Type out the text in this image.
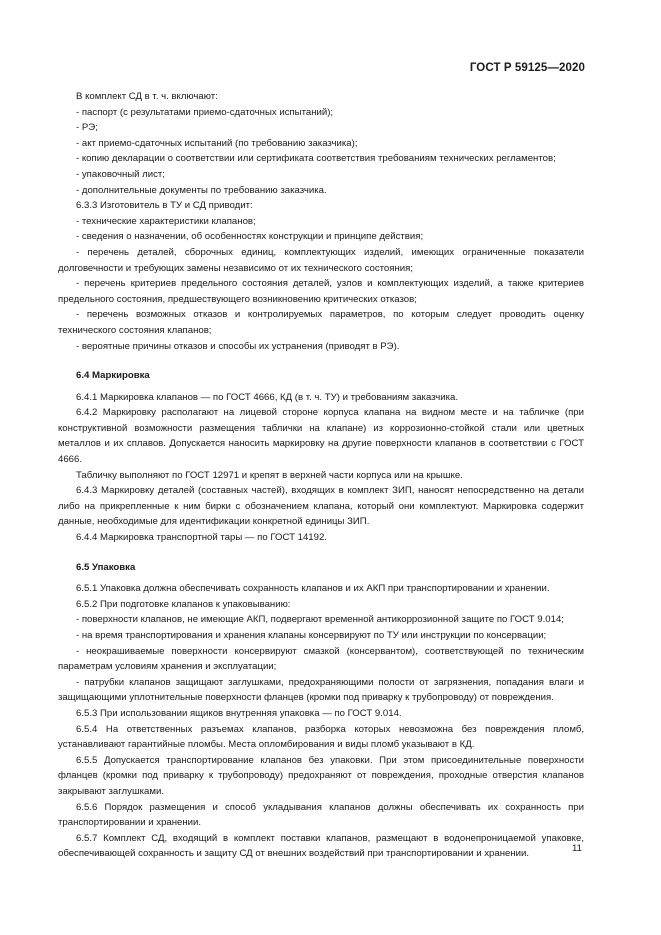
ГОСТ Р 59125—2020

В комплект СД в т. ч. включают:

- паспорт (с результатами приемо-сдаточных испытаний);

- РЭ;

- акт приемо-сдаточных испытаний (по требованию заказчика);

- копию декларации о соответствии или сертификата соответствия требованиям технических регламентов;

- упаковочный лист;

- дополнительные документы по требованию заказчика.

6.3.3 Изготовитель в ТУ и СД приводит:

- технические характеристики клапанов;

- сведения о назначении, об особенностях конструкции и принципе действия;

- перечень деталей, сборочных единиц, комплектующих изделий, имеющих ограниченные показатели долговечности и требующих замены независимо от их технического состояния;

- перечень критериев предельного состояния деталей, узлов и комплектующих изделий, а также критериев предельного состояния, предшествующего возникновению критических отказов;

- перечень возможных отказов и контролируемых параметров, по которым следует проводить оценку технического состояния клапанов;

- вероятные причины отказов и способы их устранения (приводят в РЭ).

6.4 Маркировка

6.4.1 Маркировка клапанов — по ГОСТ 4666, КД (в т. ч. ТУ) и требованиям заказчика.

6.4.2 Маркировку располагают на лицевой стороне корпуса клапана на видном месте и на табличке (при конструктивной возможности размещения таблички на клапане) из коррозионно-стойкой стали или цветных металлов и их сплавов. Допускается наносить маркировку на другие поверхности клапанов в соответствии с ГОСТ 4666.

Табличку выполняют по ГОСТ 12971 и крепят в верхней части корпуса или на крышке.

6.4.3 Маркировку деталей (составных частей), входящих в комплект ЗИП, наносят непосредственно на детали либо на прикрепленные к ним бирки с обозначением клапана, который они комплектуют. Маркировка содержит данные, необходимые для идентификации конкретной единицы ЗИП.

6.4.4 Маркировка транспортной тары — по ГОСТ 14192.

6.5 Упаковка

6.5.1 Упаковка должна обеспечивать сохранность клапанов и их АКП при транспортировании и хранении.

6.5.2 При подготовке клапанов к упаковыванию:

- поверхности клапанов, не имеющие АКП, подвергают временной антикоррозионной защите по ГОСТ 9.014;

- на время транспортирования и хранения клапаны консервируют по ТУ или инструкции по консервации;

- неокрашиваемые поверхности консервируют смазкой (консервантом), соответствующей по техническим параметрам условиям хранения и эксплуатации;

- патрубки клапанов защищают заглушками, предохраняющими полости от загрязнения, попадания влаги и защищающими уплотнительные поверхности фланцев (кромки под приварку к трубопроводу) от повреждения.

6.5.3 При использовании ящиков внутренняя упаковка — по ГОСТ 9.014.

6.5.4 На ответственных разъемах клапанов, разборка которых невозможна без повреждения пломб, устанавливают гарантийные пломбы. Места опломбирования и виды пломб указывают в КД.

6.5.5 Допускается транспортирование клапанов без упаковки. При этом присоединительные поверхности фланцев (кромки под приварку к трубопроводу) предохраняют от повреждения, проходные отверстия клапанов закрывают заглушками.

6.5.6 Порядок размещения и способ укладывания клапанов должны обеспечивать их сохранность при транспортировании и хранении.

6.5.7 Комплект СД, входящий в комплект поставки клапанов, размещают в водонепроницаемой упаковке, обеспечивающей сохранность и защиту СД от внешних воздействий при транспортировании и хранении.	11
